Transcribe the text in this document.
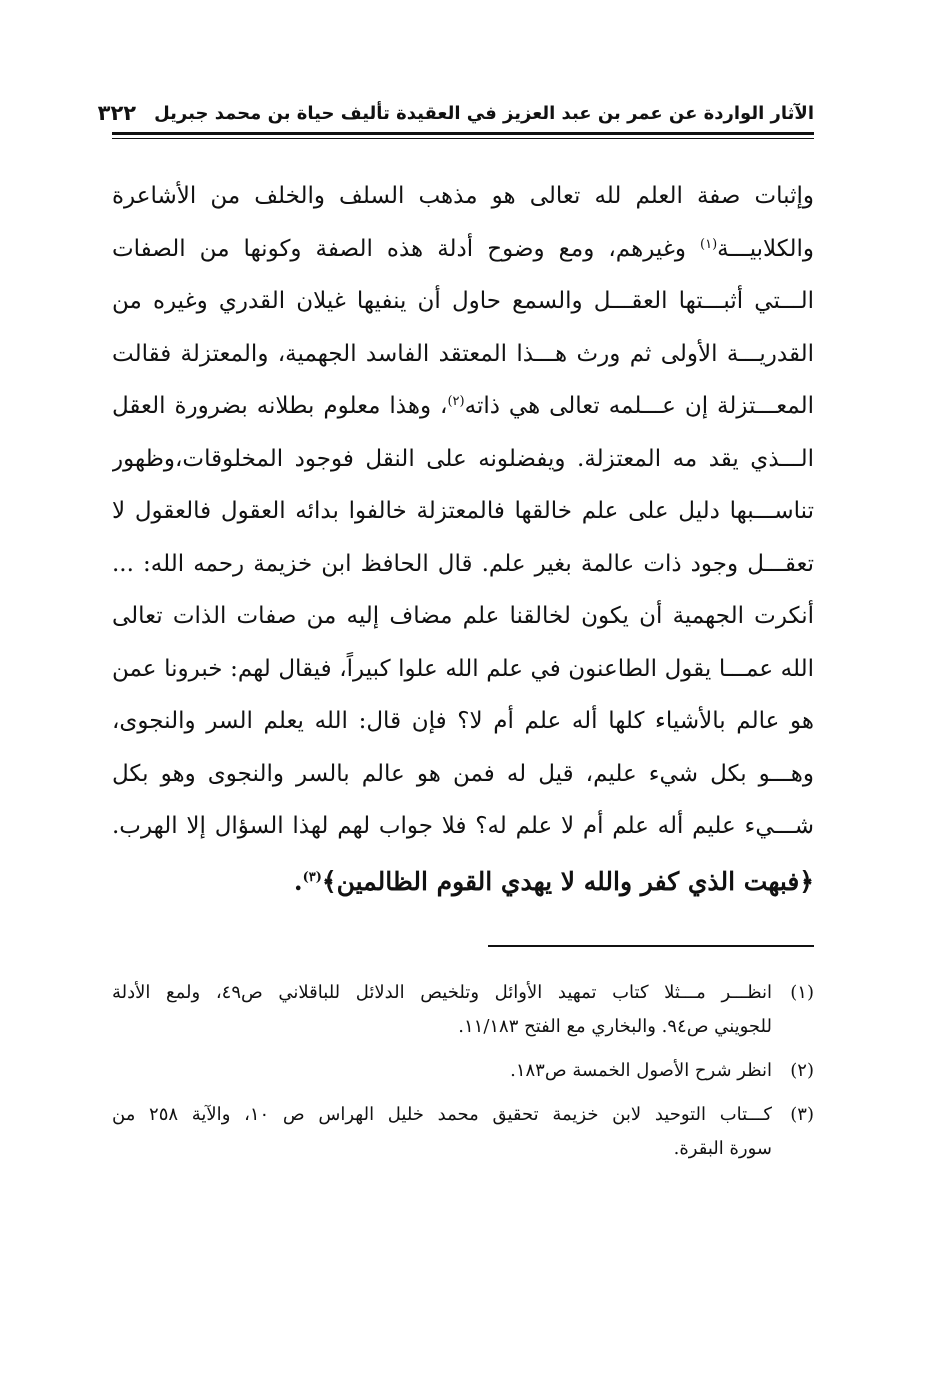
الآثار الواردة عن عمر بن عبد العزيز في العقيدة تأليف حياة بن محمد جبريل
٣٢٢
وإثبات صفة العلم لله تعالى هو مذهب السلف والخلف من الأشاعرة
والكلابيـــة$^{(١)}$ وغيرهم، ومع وضوح أدلة هذه الصفة وكونها من الصفات
الـــتي أثبـــتها العقـــل والسمع حاول أن ينفيها غيلان القدري وغيره من
القدريـــة الأولى ثم ورث هـــذا المعتقد الفاسد الجهمية، والمعتزلة فقالت
المعـــتزلة إن عـــلمه تعالى هي ذاته$^{(٢)}$، وهذا معلوم بطلانه بضرورة العقل
الـــذي يقد مه المعتزلة. ويفضلونه على النقل فوجود المخلوقات،وظهور
تناســـبها دليل على علم خالقها فالمعتزلة خالفوا بدائه العقول فالعقول لا
تعقـــل وجود ذات عالمة بغير علم. قال الحافظ ابن خزيمة رحمه الله: ...
أنكرت الجهمية أن يكون لخالقنا علم مضاف إليه من صفات الذات تعالى
الله عمـــا يقول الطاعنون في علم الله علوا كبيراً، فيقال لهم: خبرونا عمن
هو عالم بالأشياء كلها أله علم أم لا؟ فإن قال: الله يعلم السر والنجوى،
وهـــو بكل شيء عليم، قيل له فمن هو عالم بالسر والنجوى وهو بكل
شـــيء عليم أله علم أم لا علم له؟ فلا جواب لهم لهذا السؤال إلا الهرب.
﴿فبهت الذي كفر والله لا يهدي القوم الظالمين﴾$^{(٣)}$.
(١)
انظـــر مـــثلا كتاب تمهيد الأوائل وتلخيص الدلائل للباقلاني ص٤٩، ولمع الأدلة
للجويني ص٩٤. والبخاري مع الفتح ١١/١٨٣.
(٢)
انظر شرح الأصول الخمسة ص١٨٣.
(٣)
كـــتاب التوحيد لابن خزيمة تحقيق محمد خليل الهراس ص ١٠، والآية ٢٥٨ من
سورة البقرة.
